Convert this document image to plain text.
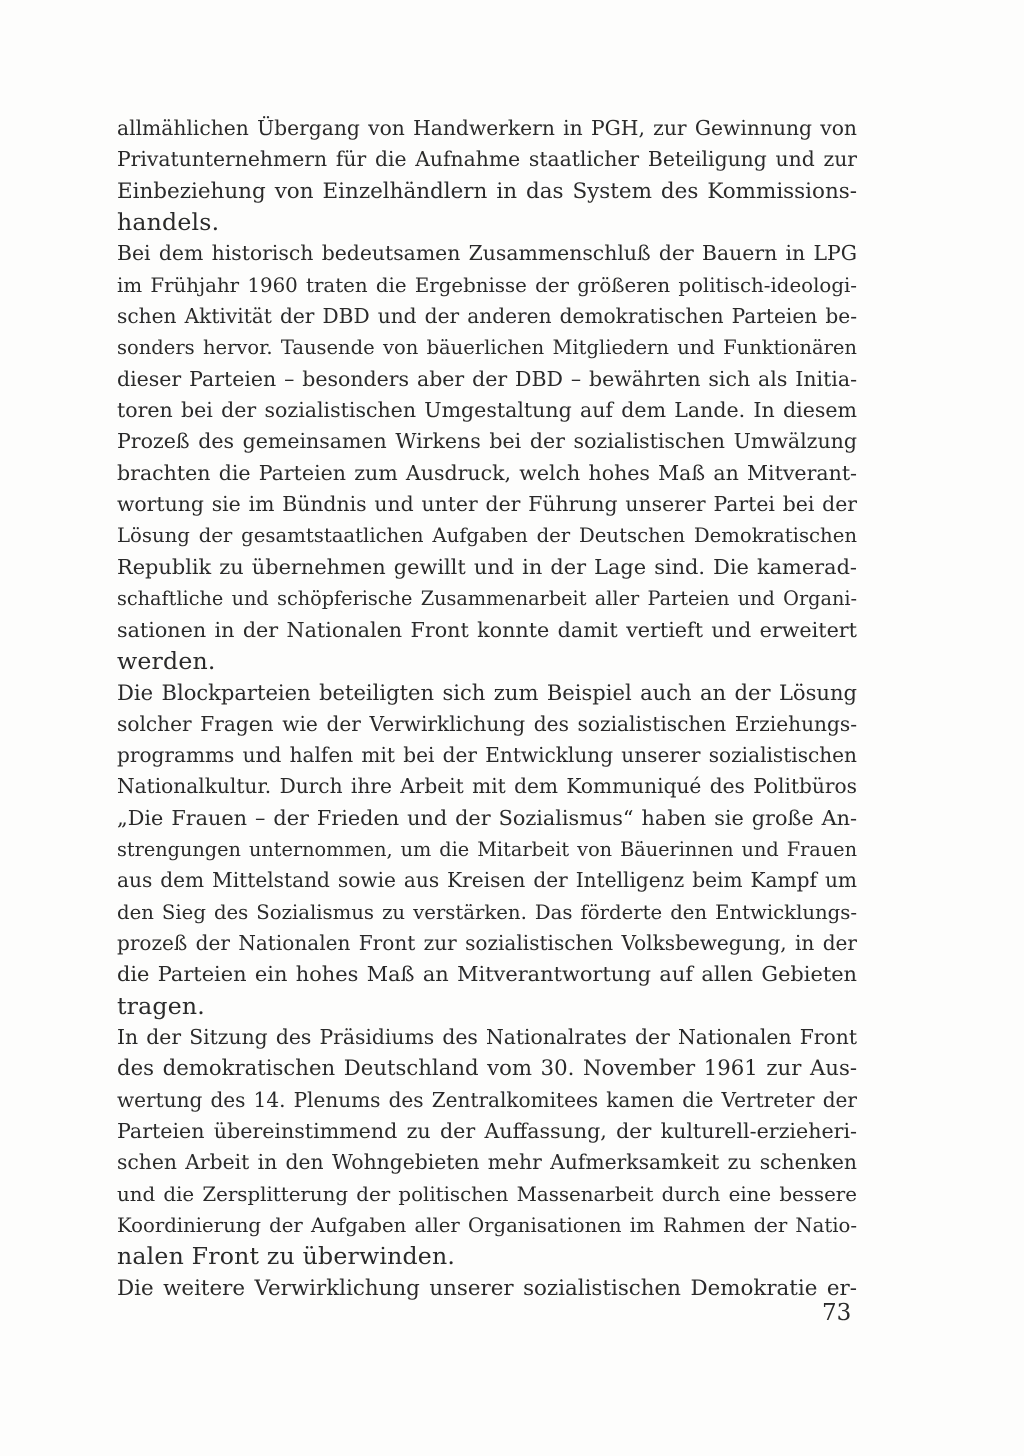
allmählichen Übergang von Handwerkern in PGH, zur Gewinnung von
Privatunternehmern für die Aufnahme staatlicher Beteiligung und zur
Einbeziehung von Einzelhändlern in das System des Kommissions-
handels.
Bei dem historisch bedeutsamen Zusammenschluß der Bauern in LPG
im Frühjahr 1960 traten die Ergebnisse der größeren politisch-ideologi-
schen Aktivität der DBD und der anderen demokratischen Parteien be-
sonders hervor. Tausende von bäuerlichen Mitgliedern und Funktionären
dieser Parteien – besonders aber der DBD – bewährten sich als Initia-
toren bei der sozialistischen Umgestaltung auf dem Lande. In diesem
Prozeß des gemeinsamen Wirkens bei der sozialistischen Umwälzung
brachten die Parteien zum Ausdruck, welch hohes Maß an Mitverant-
wortung sie im Bündnis und unter der Führung unserer Partei bei der
Lösung der gesamtstaatlichen Aufgaben der Deutschen Demokratischen
Republik zu übernehmen gewillt und in der Lage sind. Die kamerad-
schaftliche und schöpferische Zusammenarbeit aller Parteien und Organi-
sationen in der Nationalen Front konnte damit vertieft und erweitert
werden.
Die Blockparteien beteiligten sich zum Beispiel auch an der Lösung
solcher Fragen wie der Verwirklichung des sozialistischen Erziehungs-
programms und halfen mit bei der Entwicklung unserer sozialistischen
Nationalkultur. Durch ihre Arbeit mit dem Kommuniqué des Politbüros
„Die Frauen – der Frieden und der Sozialismus“ haben sie große An-
strengungen unternommen, um die Mitarbeit von Bäuerinnen und Frauen
aus dem Mittelstand sowie aus Kreisen der Intelligenz beim Kampf um
den Sieg des Sozialismus zu verstärken. Das förderte den Entwicklungs-
prozeß der Nationalen Front zur sozialistischen Volksbewegung, in der
die Parteien ein hohes Maß an Mitverantwortung auf allen Gebieten
tragen.
In der Sitzung des Präsidiums des Nationalrates der Nationalen Front
des demokratischen Deutschland vom 30. November 1961 zur Aus-
wertung des 14. Plenums des Zentralkomitees kamen die Vertreter der
Parteien übereinstimmend zu der Auffassung, der kulturell-erzieheri-
schen Arbeit in den Wohngebieten mehr Aufmerksamkeit zu schenken
und die Zersplitterung der politischen Massenarbeit durch eine bessere
Koordinierung der Aufgaben aller Organisationen im Rahmen der Natio-
nalen Front zu überwinden.
Die weitere Verwirklichung unserer sozialistischen Demokratie er-
73
